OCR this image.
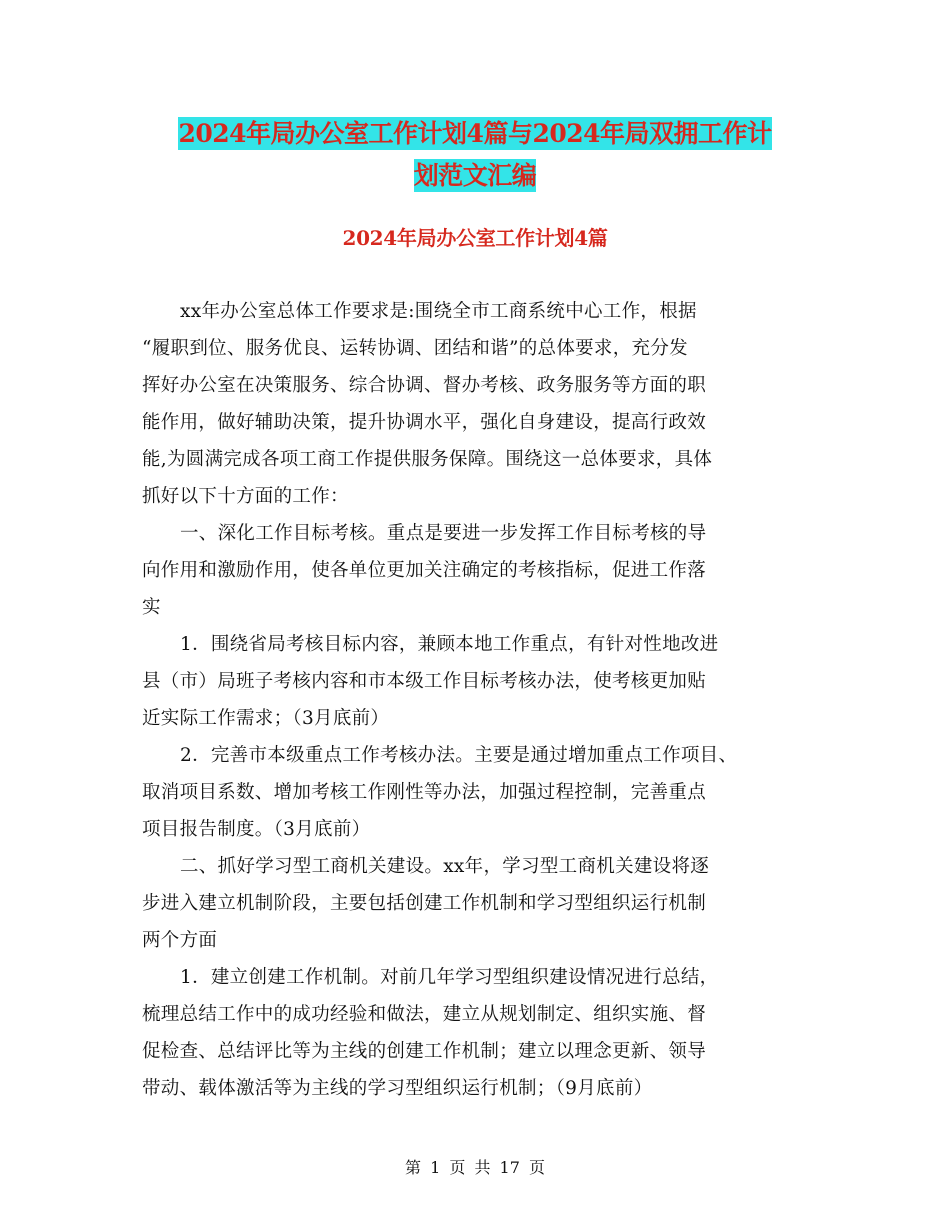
2024年局办公室工作计划4篇与2024年局双拥工作计
划范文汇编
2024年局办公室工作计划4篇
xx年办公室总体工作要求是:围绕全市工商系统中心工作，根据
“履职到位、服务优良、运转协调、团结和谐”的总体要求，充分发
挥好办公室在决策服务、综合协调、督办考核、政务服务等方面的职
能作用，做好辅助决策，提升协调水平，强化自身建设，提高行政效
能,为圆满完成各项工商工作提供服务保障。围绕这一总体要求，具体
抓好以下十方面的工作：
一、深化工作目标考核。重点是要进一步发挥工作目标考核的导
向作用和激励作用，使各单位更加关注确定的考核指标，促进工作落
实
1．围绕省局考核目标内容，兼顾本地工作重点，有针对性地改进
县（市）局班子考核内容和市本级工作目标考核办法，使考核更加贴
近实际工作需求；（3月底前）
2．完善市本级重点工作考核办法。主要是通过增加重点工作项目、
取消项目系数、增加考核工作刚性等办法，加强过程控制，完善重点
项目报告制度。（3月底前）
二、抓好学习型工商机关建设。xx年，学习型工商机关建设将逐
步进入建立机制阶段，主要包括创建工作机制和学习型组织运行机制
两个方面
1．建立创建工作机制。对前几年学习型组织建设情况进行总结，
梳理总结工作中的成功经验和做法，建立从规划制定、组织实施、督
促检查、总结评比等为主线的创建工作机制；建立以理念更新、领导
带动、载体激活等为主线的学习型组织运行机制；（9月底前）
第 1 页 共 17 页
